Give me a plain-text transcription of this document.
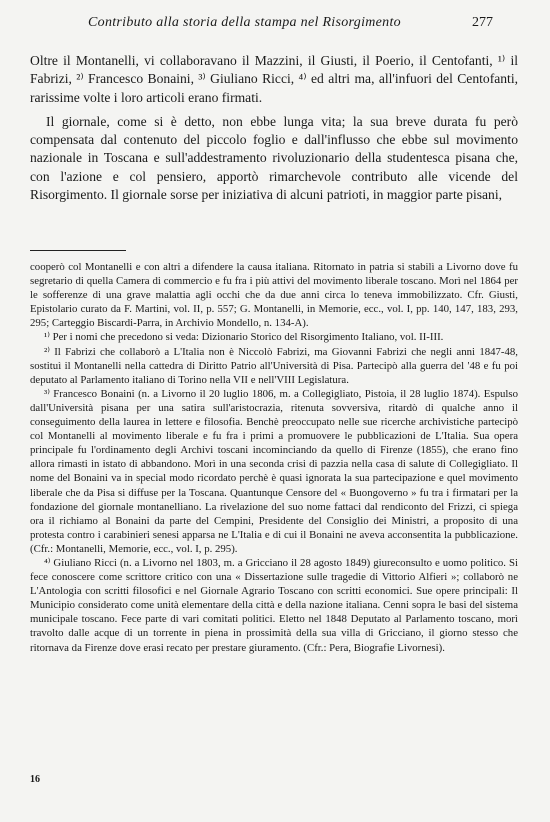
Contributo alla storia della stampa nel Risorgimento	277

Oltre il Montanelli, vi collaboravano il Mazzini, il Giusti, il Poerio, il Centofanti, ¹⁾ il Fabrizi, ²⁾ Francesco Bonaini, ³⁾ Giuliano Ricci, ⁴⁾ ed altri ma, all'infuori del Centofanti, rarissime volte i loro articoli erano firmati.

Il giornale, come si è detto, non ebbe lunga vita; la sua breve durata fu però compensata dal contenuto del piccolo foglio e dall'influsso che ebbe sul movimento nazionale in Toscana e sull'addestramento rivoluzionario della studentesca pisana che, con l'azione e col pensiero, apportò rimarchevole contributo alle vicende del Risorgimento. Il giornale sorse per iniziativa di alcuni patrioti, in maggior parte pisani,

cooperò col Montanelli e con altri a difendere la causa italiana. Ritornato in patria si stabilì a Livorno dove fu segretario di quella Camera di commercio e fu fra i più attivi del movimento liberale toscano. Morì nel 1864 per le sofferenze di una grave malattia agli occhi che da due anni circa lo teneva immobilizzato. Cfr. Giusti, Epistolario curato da F. Martini, vol. II, p. 557; G. Montanelli, in Memorie, ecc., vol. I, pp. 140, 147, 183, 293, 295; Carteggio Biscardi-Parra, in Archivio Mondello, n. 134-A).

¹⁾ Per i nomi che precedono si veda: Dizionario Storico del Risorgimento Italiano, vol. II-III.

²⁾ Il Fabrizi che collaborò a L'Italia non è Niccolò Fabrizi, ma Giovanni Fabrizi che negli anni 1847-48, sostituì il Montanelli nella cattedra di Diritto Patrio all'Università di Pisa. Partecipò alla guerra del '48 e fu poi deputato al Parlamento italiano di Torino nella VII e nell'VIII Legislatura.

³⁾ Francesco Bonaini (n. a Livorno il 20 luglio 1806, m. a Collegigliato, Pistoia, il 28 luglio 1874). Espulso dall'Università pisana per una satira sull'aristocrazia, ritenuta sovversiva, ritardò di qualche anno il conseguimento della laurea in lettere e filosofia. Benchè preoccupato nelle sue ricerche archivistiche partecipò col Montanelli al movimento liberale e fu fra i primi a promuovere le pubblicazioni de L'Italia. Sua opera principale fu l'ordinamento degli Archivi toscani incominciando da quello di Firenze (1855), che erano fino allora rimasti in istato di abbandono. Morì in una seconda crisi di pazzia nella casa di salute di Collegigliato. Il nome del Bonaini va in special modo ricordato perchè è quasi ignorata la sua partecipazione e quel movimento liberale che da Pisa si diffuse per la Toscana. Quantunque Censore del « Buongoverno » fu tra i firmatari per la fondazione del giornale montanelliano. La rivelazione del suo nome fattaci dal rendiconto del Frizzi, ci spiega ora il richiamo al Bonaini da parte del Cempini, Presidente del Consiglio dei Ministri, a proposito di una protesta contro i carabinieri senesi apparsa ne L'Italia e di cui il Bonaini ne aveva acconsentita la pubblicazione. (Cfr.: Montanelli, Memorie, ecc., vol. I, p. 295).

⁴⁾ Giuliano Ricci (n. a Livorno nel 1803, m. a Gricciano il 28 agosto 1849) giureconsulto e uomo politico. Si fece conoscere come scrittore critico con una « Dissertazione sulle tragedie di Vittorio Alfieri »; collaborò ne L'Antologia con scritti filosofici e nel Giornale Agrario Toscano con scritti economici. Sue opere principali: Il Municipio considerato come unità elementare della città e della nazione italiana. Cenni sopra le basi del sistema municipale toscano. Fece parte di vari comitati politici. Eletto nel 1848 Deputato al Parlamento toscano, morì travolto dalle acque di un torrente in piena in prossimità della sua villa di Gricciano, il giorno stesso che ritornava da Firenze dove erasi recato per prestare giuramento. (Cfr.: Pera, Biografie Livornesi).

16
